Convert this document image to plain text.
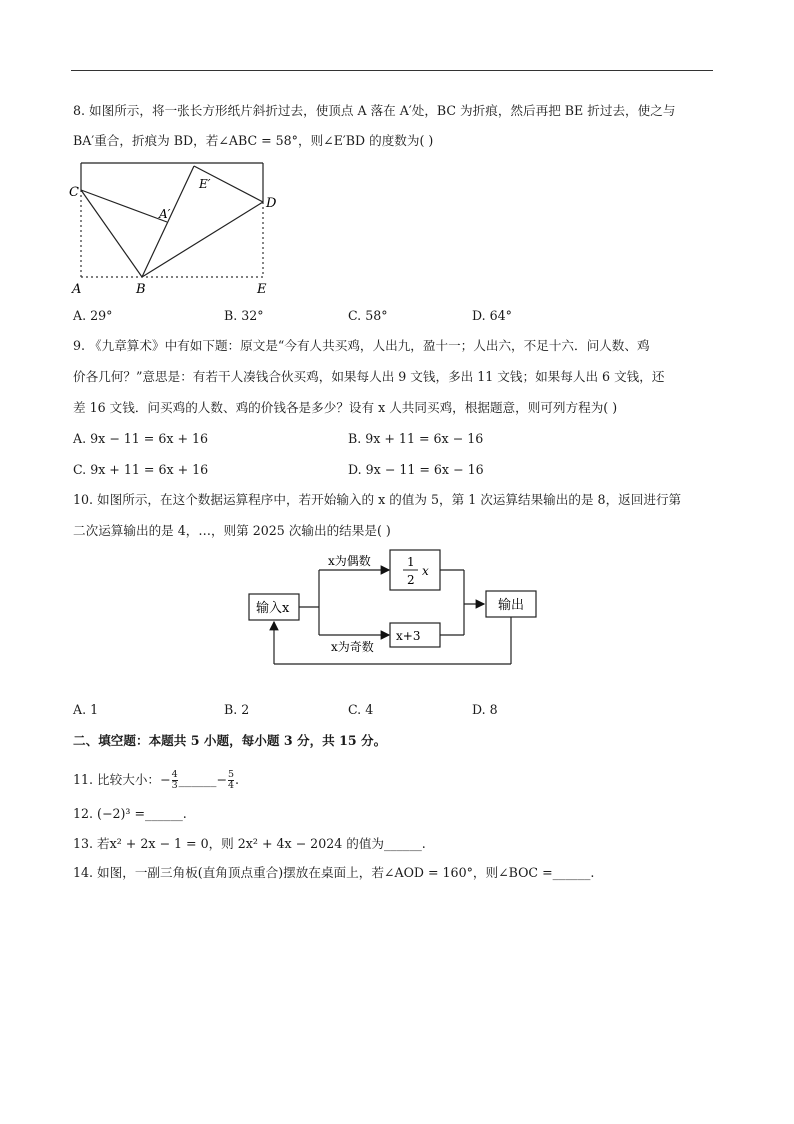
8. 如图所示，将一张长方形纸片斜折过去，使顶点 A 落在 A′处，BC 为折痕，然后再把 BE 折过去，使之与
BA′重合，折痕为 BD，若∠ABC = 58°，则∠E′BD 的度数为( )
C
A′
E′
D
A	B	E
A. 29°	B. 32°	C. 58°	D. 64°
9. 《九章算术》中有如下题：原文是“今有人共买鸡，人出九，盈十一；人出六，不足十六．问人数、鸡
价各几何？”意思是：有若干人凑钱合伙买鸡，如果每人出 9 文钱，多出 11 文钱；如果每人出 6 文钱，还
差 16 文钱．问买鸡的人数、鸡的价钱各是多少？设有 x 人共同买鸡，根据题意，则可列方程为( )
A. 9x − 11 = 6x + 16	B. 9x + 11 = 6x − 16
C. 9x + 11 = 6x + 16	D. 9x − 11 = 6x − 16
10. 如图所示，在这个数据运算程序中，若开始输入的 x 的值为 5，第 1 次运算结果输出的是 8，返回进行第
二次运算输出的是 4，…，则第 2025 次输出的结果是( )
输入x
x为偶数
x为奇数
1
2
x
x+3
输出
A. 1	B. 2	C. 4	D. 8
二、填空题：本题共 5 小题，每小题 3 分，共 15 分。
11. 比较大小：− $\frac{4}{3}$ ______− $\frac{5}{4}$ .
12. (−2)³ =______.
13. 若x² + 2x − 1 = 0，则 2x² + 4x − 2024 的值为______.
14. 如图，一副三角板(直角顶点重合)摆放在桌面上，若∠AOD = 160°，则∠BOC =______.
